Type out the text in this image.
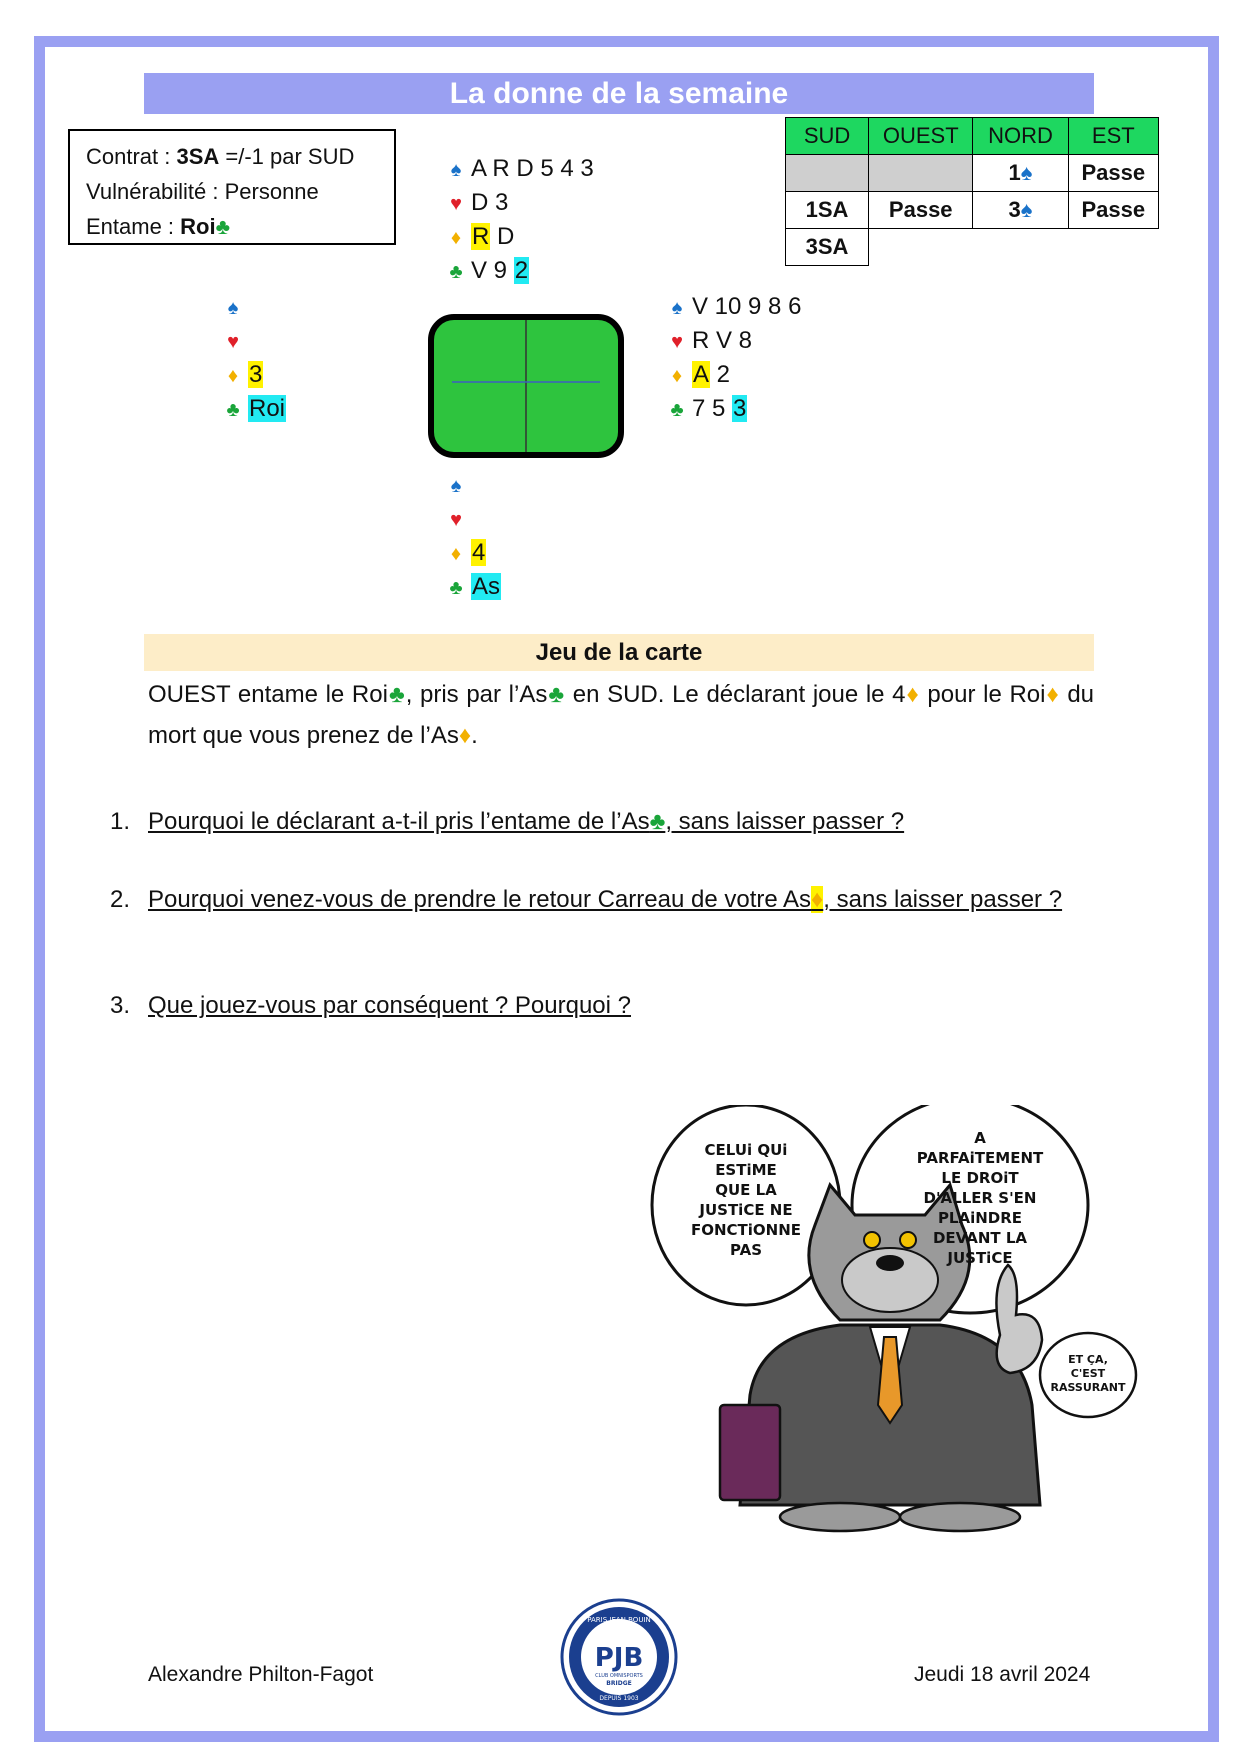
La donne de la semaine
Contrat : 3SA =/-1 par SUD
Vulnérabilité : Personne
Entame : Roi♣
SUD	OUEST	NORD	EST
		1♠	Passe
1SA	Passe	3♠	Passe
3SA			
♠ A R D 5 4 3
♥ D 3
♦ R D
♣ V 9 2
♠
♥
♦ 3
♣ Roi
♠ V 10 9 8 6
♥ R V 8
♦ A 2
♣ 7 5 3
♠
♥
♦ 4
♣ As
Jeu de la carte
OUEST entame le Roi♣, pris par l’As♣ en SUD. Le déclarant joue le 4♦ pour le Roi♦ du mort que vous prenez de l’As♦.
1. Pourquoi le déclarant a-t-il pris l’entame de l’As♣, sans laisser passer ?
2. Pourquoi venez-vous de prendre le retour Carreau de votre As♦, sans laisser passer ?
3. Que jouez-vous par conséquent ? Pourquoi ?
CELUi QUi
ESTiME
QUE LA
JUSTiCE NE
FONCTiONNE
PAS
A
PARFAiTEMENT
LE DROiT
D'ALLER S'EN
PLAiNDRE
DEVANT LA
JUSTiCE
ET ÇA,
C'EST
RASSURANT
Alexandre Philton-Fagot	Jeudi 18 avril 2024
PJB
CLUB OMNISPORTS
BRIDGE
PARIS JEAN BOUIN
DEPUIS 1903
